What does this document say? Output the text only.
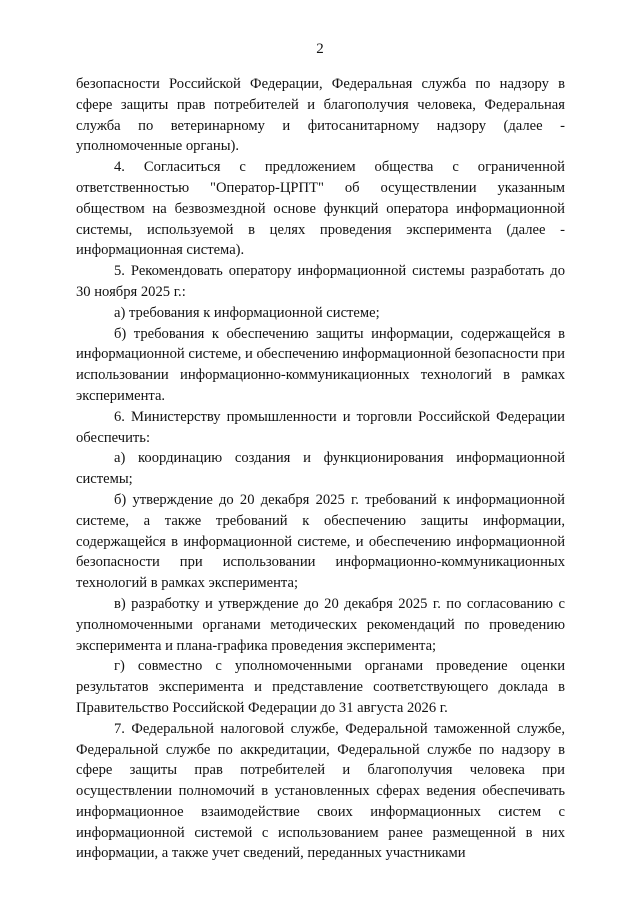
2

безопасности Российской Федерации, Федеральная служба по надзору в сфере защиты прав потребителей и благополучия человека, Федеральная служба по ветеринарному и фитосанитарному надзору (далее - уполномоченные органы).

4. Согласиться с предложением общества с ограниченной ответственностью "Оператор-ЦРПТ" об осуществлении указанным обществом на безвозмездной основе функций оператора информационной системы, используемой в целях проведения эксперимента (далее - информационная система).

5. Рекомендовать оператору информационной системы разработать до 30 ноября 2025 г.:

а) требования к информационной системе;

б) требования к обеспечению защиты информации, содержащейся в информационной системе, и обеспечению информационной безопасности при использовании информационно-коммуникационных технологий в рамках эксперимента.

6. Министерству промышленности и торговли Российской Федерации обеспечить:

а) координацию создания и функционирования информационной системы;

б) утверждение до 20 декабря 2025 г. требований к информационной системе, а также требований к обеспечению защиты информации, содержащейся в информационной системе, и обеспечению информационной безопасности при использовании информационно-коммуникационных технологий в рамках эксперимента;

в) разработку и утверждение до 20 декабря 2025 г. по согласованию с уполномоченными органами методических рекомендаций по проведению эксперимента и плана-графика проведения эксперимента;

г) совместно с уполномоченными органами проведение оценки результатов эксперимента и представление соответствующего доклада в Правительство Российской Федерации до 31 августа 2026 г.

7. Федеральной налоговой службе, Федеральной таможенной службе, Федеральной службе по аккредитации, Федеральной службе по надзору в сфере защиты прав потребителей и благополучия человека при осуществлении полномочий в установленных сферах ведения обеспечивать информационное взаимодействие своих информационных систем с информационной системой с использованием ранее размещенной в них информации, а также учет сведений, переданных участниками
